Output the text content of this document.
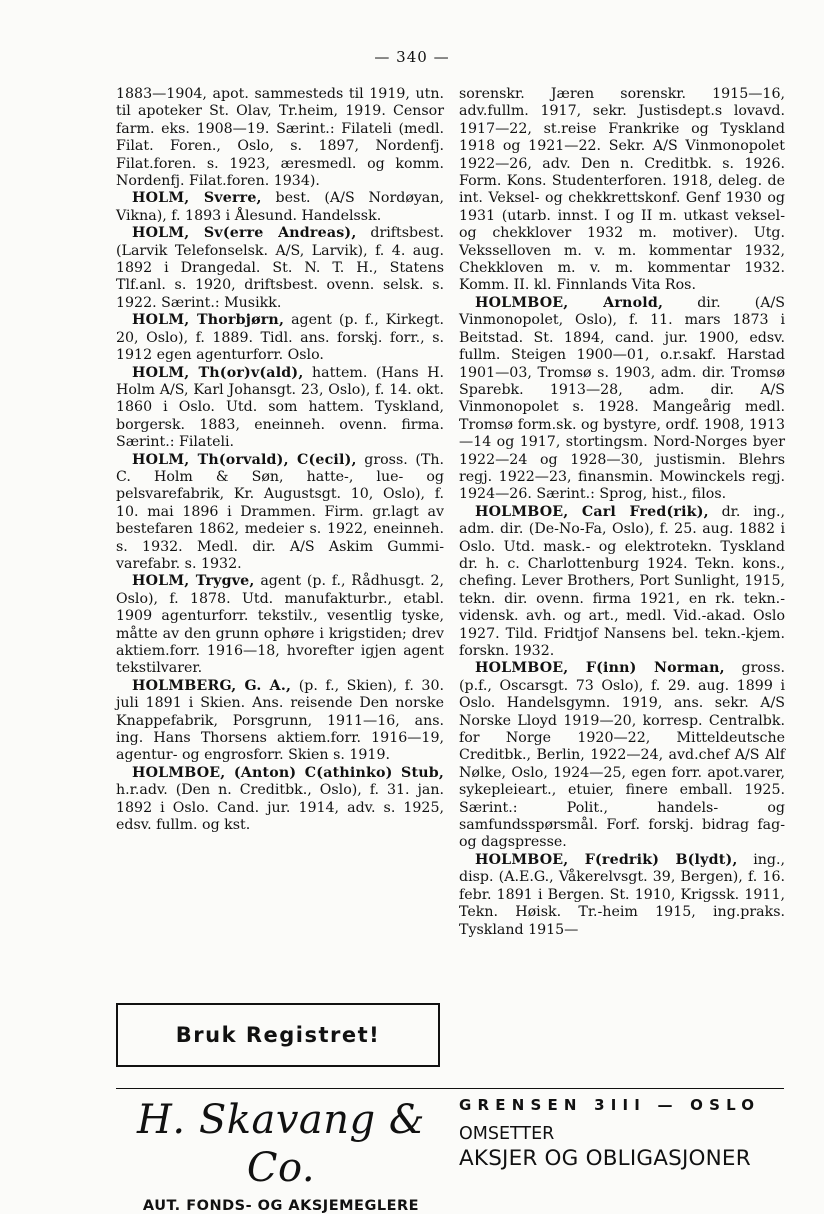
— 340 —

1883—1904, apot. sammesteds til 1919, utn. til apoteker St. Olav, Tr.heim, 1919. Censor farm. eks. 1908—19. Særint.: Filateli (medl. Filat. Foren., Oslo, s. 1897, Nordenfj. Filat.foren. s. 1923, æresmedl. og komm. Nordenfj. Filat.foren. 1934).

HOLM, Sverre, best. (A/S Nordøyan, Vikna), f. 1893 i Ålesund. Handelssk.

HOLM, Sv(erre Andreas), driftsbest. (Larvik Telefonselsk. A/S, Larvik), f. 4. aug. 1892 i Drangedal. St. N. T. H., Statens Tlf.anl. s. 1920, driftsbest. ovenn. selsk. s. 1922. Særint.: Musikk.

HOLM, Thorbjørn, agent (p. f., Kirkegt. 20, Oslo), f. 1889. Tidl. ans. forskj. forr., s. 1912 egen agenturforr. Oslo.

HOLM, Th(or)v(ald), hattem. (Hans H. Holm A/S, Karl Johansgt. 23, Oslo), f. 14. okt. 1860 i Oslo. Utd. som hattem. Tyskland, borgersk. 1883, eneinneh. ovenn. firma. Særint.: Filateli.

HOLM, Th(orvald), C(ecil), gross. (Th. C. Holm & Søn, hatte-, lue- og pelsvarefabrik, Kr. Augustsgt. 10, Oslo), f. 10. mai 1896 i Drammen. Firm. gr.lagt av bestefaren 1862, medeier s. 1922, eneinneh. s. 1932. Medl. dir. A/S Askim Gummi- varefabr. s. 1932.

HOLM, Trygve, agent (p. f., Rådhusgt. 2, Oslo), f. 1878. Utd. manufakturbr., etabl. 1909 agenturforr. tekstilv., vesentlig tyske, måtte av den grunn ophøre i krigstiden; drev aktiem.forr. 1916—18, hvorefter igjen agent tekstilvarer.

HOLMBERG, G. A., (p. f., Skien), f. 30. juli 1891 i Skien. Ans. reisende Den norske Knappefabrik, Porsgrunn, 1911—16, ans. ing. Hans Thorsens aktiem.forr. 1916—19, agentur- og engrosforr. Skien s. 1919.

HOLMBOE, (Anton) C(athinko) Stub, h.r.adv. (Den n. Creditbk., Oslo), f. 31. jan. 1892 i Oslo. Cand. jur. 1914, adv. s. 1925, edsv. fullm. og kst.

sorenskr. Jæren sorenskr. 1915—16, adv.fullm. 1917, sekr. Justisdept.s lovavd. 1917—22, st.reise Frankrike og Tyskland 1918 og 1921—22. Sekr. A/S Vinmonopolet 1922—26, adv. Den n. Creditbk. s. 1926. Form. Kons. Studenterforen. 1918, deleg. de int. Veksel- og chekkrettskonf. Genf 1930 og 1931 (utarb. innst. I og II m. utkast veksel- og chekklover 1932 m. motiver). Utg. Veksselloven m. v. m. kommentar 1932, Chekkloven m. v. m. kommentar 1932. Komm. II. kl. Finnlands Vita Ros.

HOLMBOE, Arnold, dir. (A/S Vinmonopolet, Oslo), f. 11. mars 1873 i Beitstad. St. 1894, cand. jur. 1900, edsv. fullm. Steigen 1900—01, o.r.sakf. Harstad 1901—03, Tromsø s. 1903, adm. dir. Tromsø Sparebk. 1913—28, adm. dir. A/S Vinmonopolet s. 1928. Mangeårig medl. Tromsø form.sk. og bystyre, ordf. 1908, 1913—14 og 1917, stortingsm. Nord-Norges byer 1922—24 og 1928—30, justismin. Blehrs regj. 1922—23, finansmin. Mowinckels regj. 1924—26. Særint.: Sprog, hist., filos.

HOLMBOE, Carl Fred(rik), dr. ing., adm. dir. (De-No-Fa, Oslo), f. 25. aug. 1882 i Oslo. Utd. mask.- og elektrotekn. Tyskland dr. h. c. Charlottenburg 1924. Tekn. kons., chefing. Lever Brothers, Port Sunlight, 1915, tekn. dir. ovenn. firma 1921, en rk. tekn.-vidensk. avh. og art., medl. Vid.-akad. Oslo 1927. Tild. Fridtjof Nansens bel. tekn.-kjem. forskn. 1932.

HOLMBOE, F(inn) Norman, gross. (p.f., Oscarsgt. 73 Oslo), f. 29. aug. 1899 i Oslo. Handelsgymn. 1919, ans. sekr. A/S Norske Lloyd 1919—20, korresp. Centralbk. for Norge 1920—22, Mitteldeutsche Creditbk., Berlin, 1922—24, avd.chef A/S Alf Nølke, Oslo, 1924—25, egen forr. apot.varer, sykepleieart., etuier, finere emball. 1925. Særint.: Polit., handels- og samfundsspørsmål. Forf. forskj. bidrag fag- og dagspresse.

HOLMBOE, F(redrik) B(lydt), ing., disp. (A.E.G., Våkerelvsgt. 39, Bergen), f. 16. febr. 1891 i Bergen. St. 1910, Krigssk. 1911, Tekn. Høisk. Tr.-heim 1915, ing.praks. Tyskland 1915—

Bruk Registret!
H. Skavang & Co.
AUT. FONDS- OG AKSJEMEGLERE
GRENSEN 3III — OSLO
OMSETTER
AKSJER OG OBLIGASJONER
